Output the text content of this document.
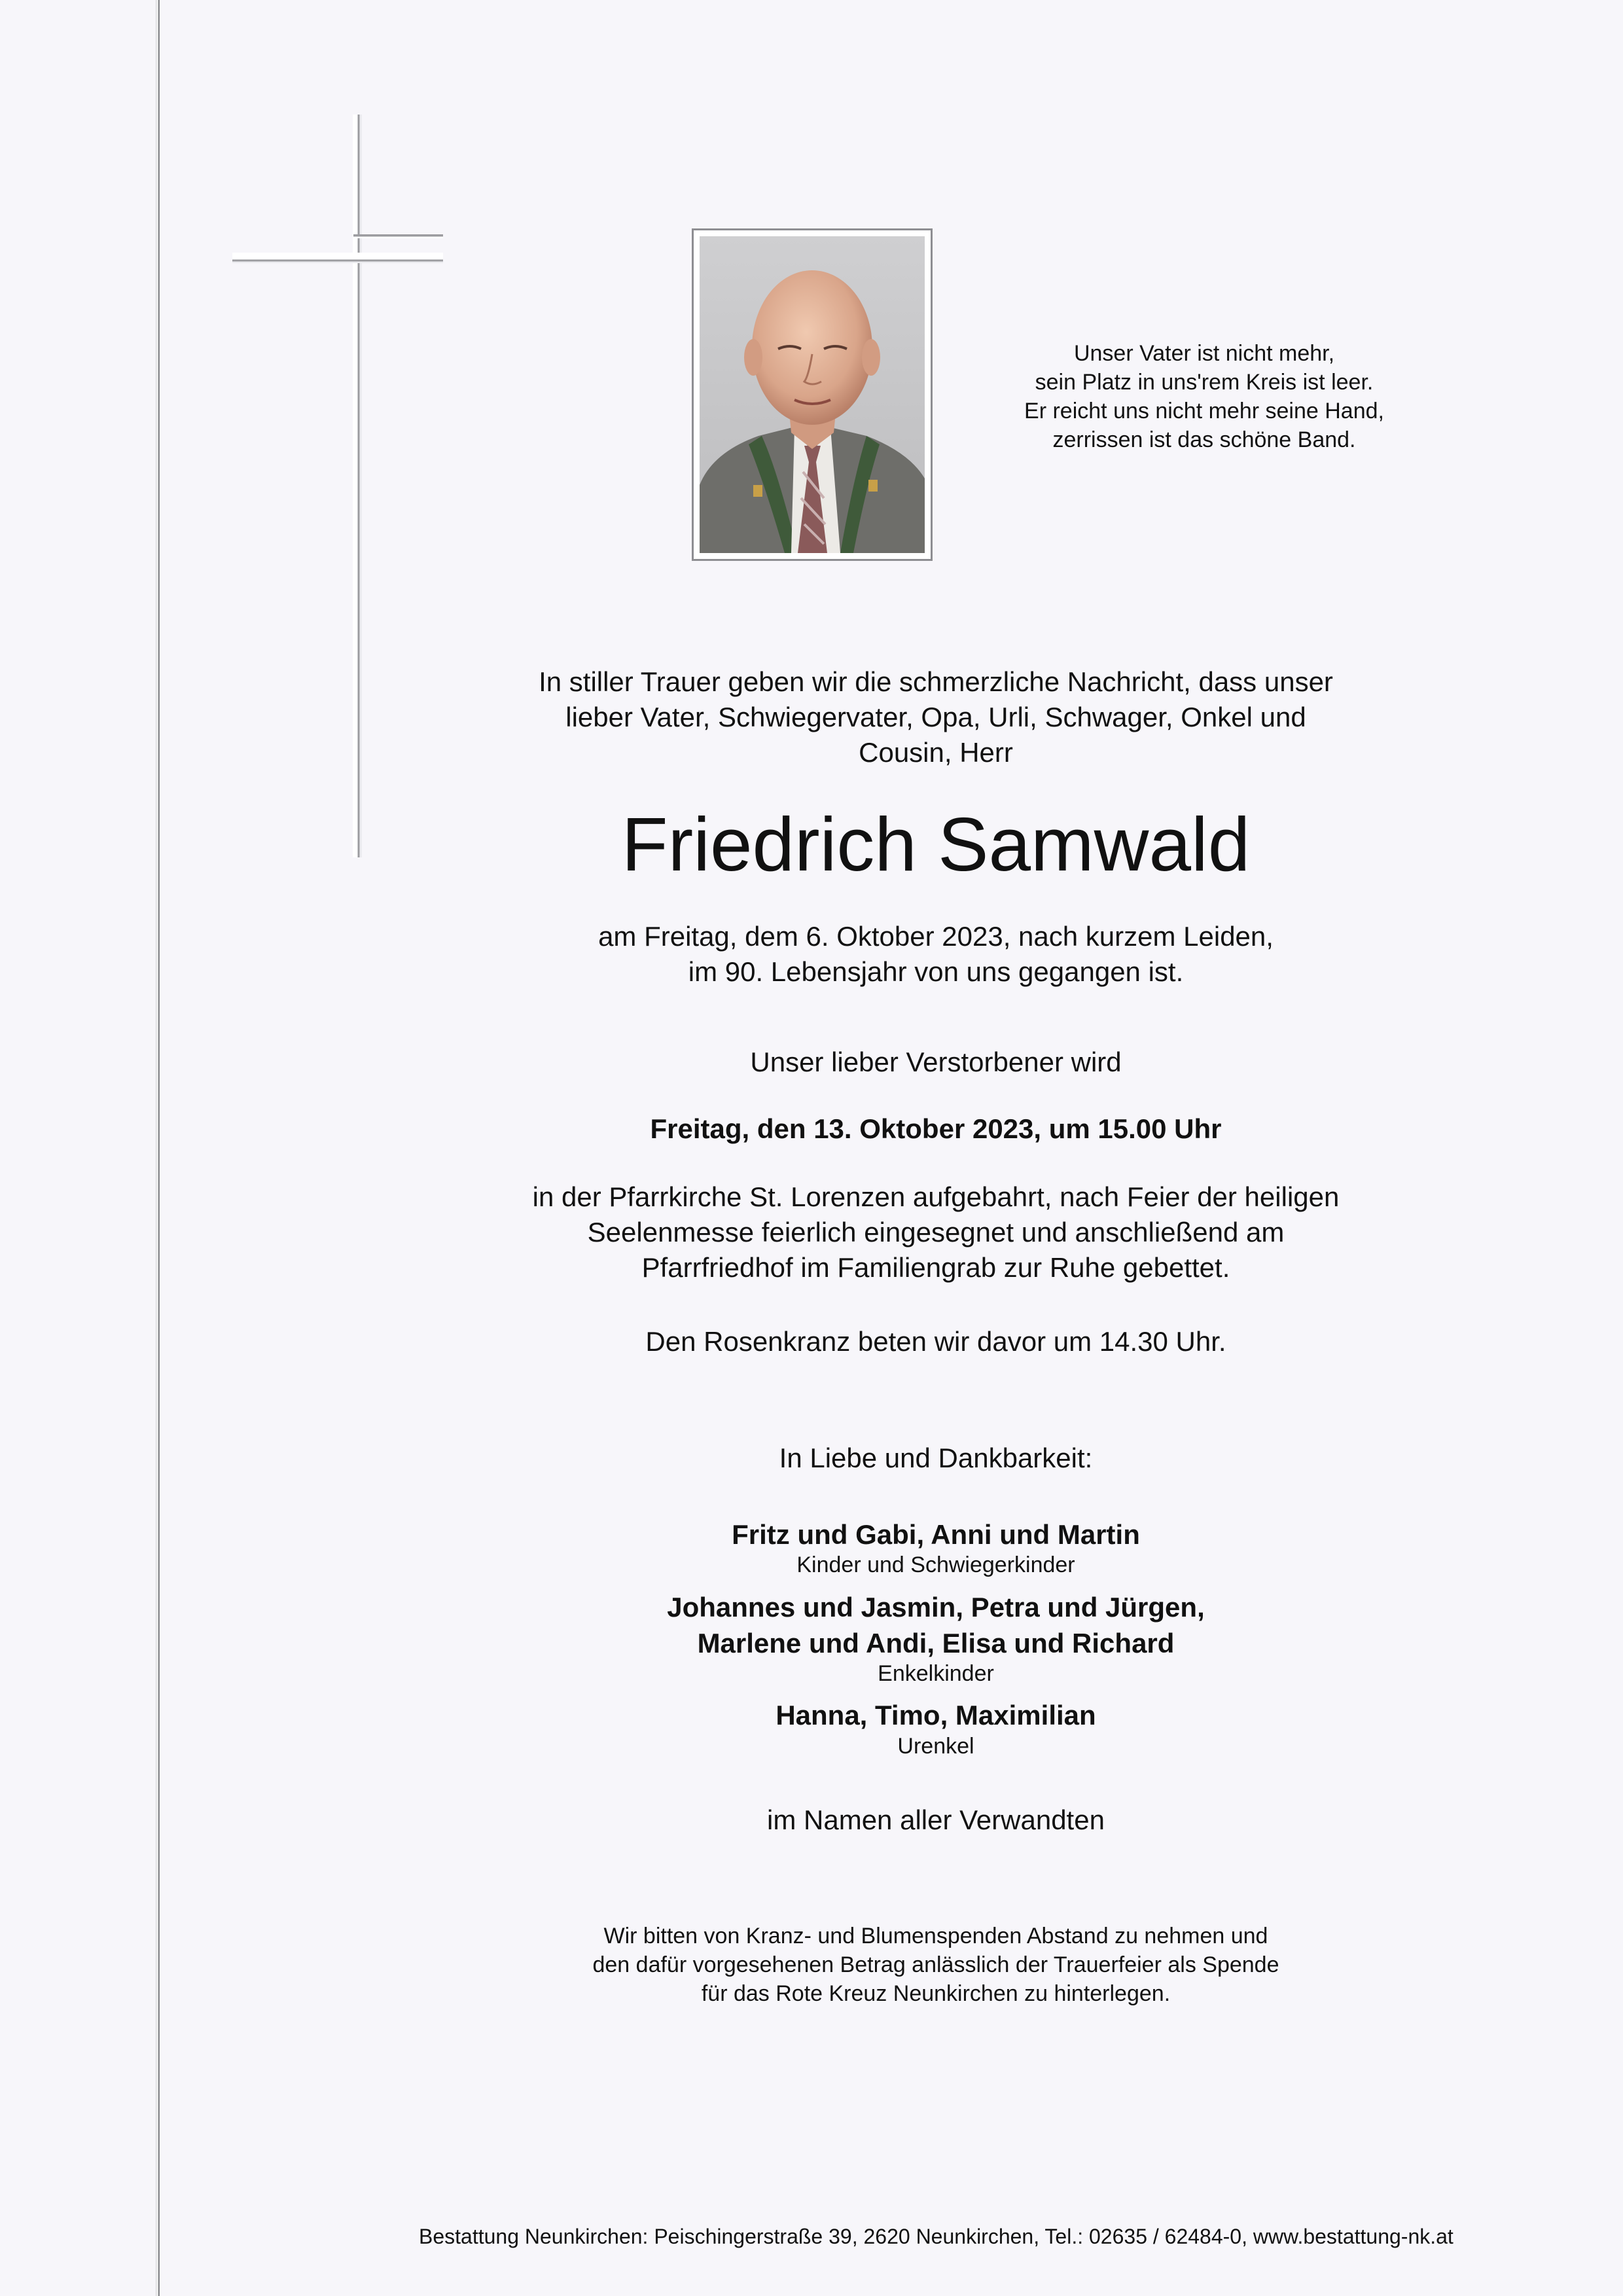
Unser Vater ist nicht mehr,
sein Platz in uns'rem Kreis ist leer.
Er reicht uns nicht mehr seine Hand,
zerrissen ist das schöne Band.
In stiller Trauer geben wir die schmerzliche Nachricht, dass unser
lieber Vater, Schwiegervater, Opa, Urli, Schwager, Onkel und
Cousin, Herr
Friedrich Samwald
am Freitag, dem 6. Oktober 2023, nach kurzem Leiden,
im 90. Lebensjahr von uns gegangen ist.
Unser lieber Verstorbener wird
Freitag, den 13. Oktober 2023, um 15.00 Uhr
in der Pfarrkirche St. Lorenzen aufgebahrt, nach Feier der heiligen
Seelenmesse feierlich eingesegnet und anschließend am
Pfarrfriedhof im Familiengrab zur Ruhe gebettet.
Den Rosenkranz beten wir davor um 14.30 Uhr.
In Liebe und Dankbarkeit:
Fritz und Gabi, Anni und Martin
Kinder und Schwiegerkinder
Johannes und Jasmin, Petra und Jürgen,
Marlene und Andi, Elisa und Richard
Enkelkinder
Hanna, Timo, Maximilian
Urenkel
im Namen aller Verwandten
Wir bitten von Kranz- und Blumenspenden Abstand zu nehmen und
den dafür vorgesehenen Betrag anlässlich der Trauerfeier als Spende
für das Rote Kreuz Neunkirchen zu hinterlegen.
Bestattung Neunkirchen: Peischingerstraße 39, 2620 Neunkirchen, Tel.: 02635 / 62484-0, www.bestattung-nk.at
